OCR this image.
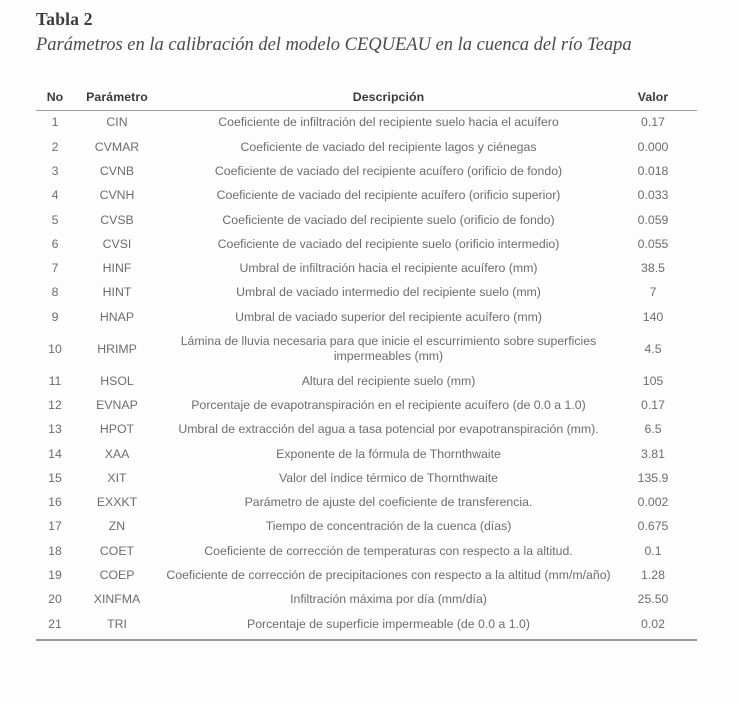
Tabla 2
Parámetros en la calibración del modelo CEQUEAU en la cuenca del río Teapa
No	Parámetro	Descripción	Valor
1	CIN	Coeficiente de infiltración del recipiente suelo hacia el acuífero	0.17
2	CVMAR	Coeficiente de vaciado del recipiente lagos y ciénegas	0.000
3	CVNB	Coeficiente de vaciado del recipiente acuífero (orificio de fondo)	0.018
4	CVNH	Coeficiente de vaciado del recipiente acuífero (orificio superior)	0.033
5	CVSB	Coeficiente de vaciado del recipiente suelo (orificio de fondo)	0.059
6	CVSI	Coeficiente de vaciado del recipiente suelo (orificio intermedio)	0.055
7	HINF	Umbral de infiltración hacia el recipiente acuífero (mm)	38.5
8	HINT	Umbral de vaciado intermedio del recipiente suelo (mm)	7
9	HNAP	Umbral de vaciado superior del recipiente acuífero (mm)	140
10	HRIMP	Lámina de lluvia necesaria para que inicie el escurrimiento sobre superficies impermeables (mm)	4.5
11	HSOL	Altura del recipiente suelo (mm)	105
12	EVNAP	Porcentaje de evapotranspiración en el recipiente acuífero (de 0.0 a 1.0)	0.17
13	HPOT	Umbral de extracción del agua a tasa potencial por evapotranspiración (mm).	6.5
14	XAA	Exponente de la fórmula de Thornthwaite	3.81
15	XIT	Valor del índice térmico de Thornthwaite	135.9
16	EXXKT	Parámetro de ajuste del coeficiente de transferencia.	0.002
17	ZN	Tiempo de concentración de la cuenca (días)	0.675
18	COET	Coeficiente de corrección de temperaturas con respecto a la altitud.	0.1
19	COEP	Coeficiente de corrección de precipitaciones con respecto a la altitud (mm/m/año)	1.28
20	XINFMA	Infiltración máxima por día (mm/día)	25.50
21	TRI	Porcentaje de superficie impermeable (de 0.0 a 1.0)	0.02
